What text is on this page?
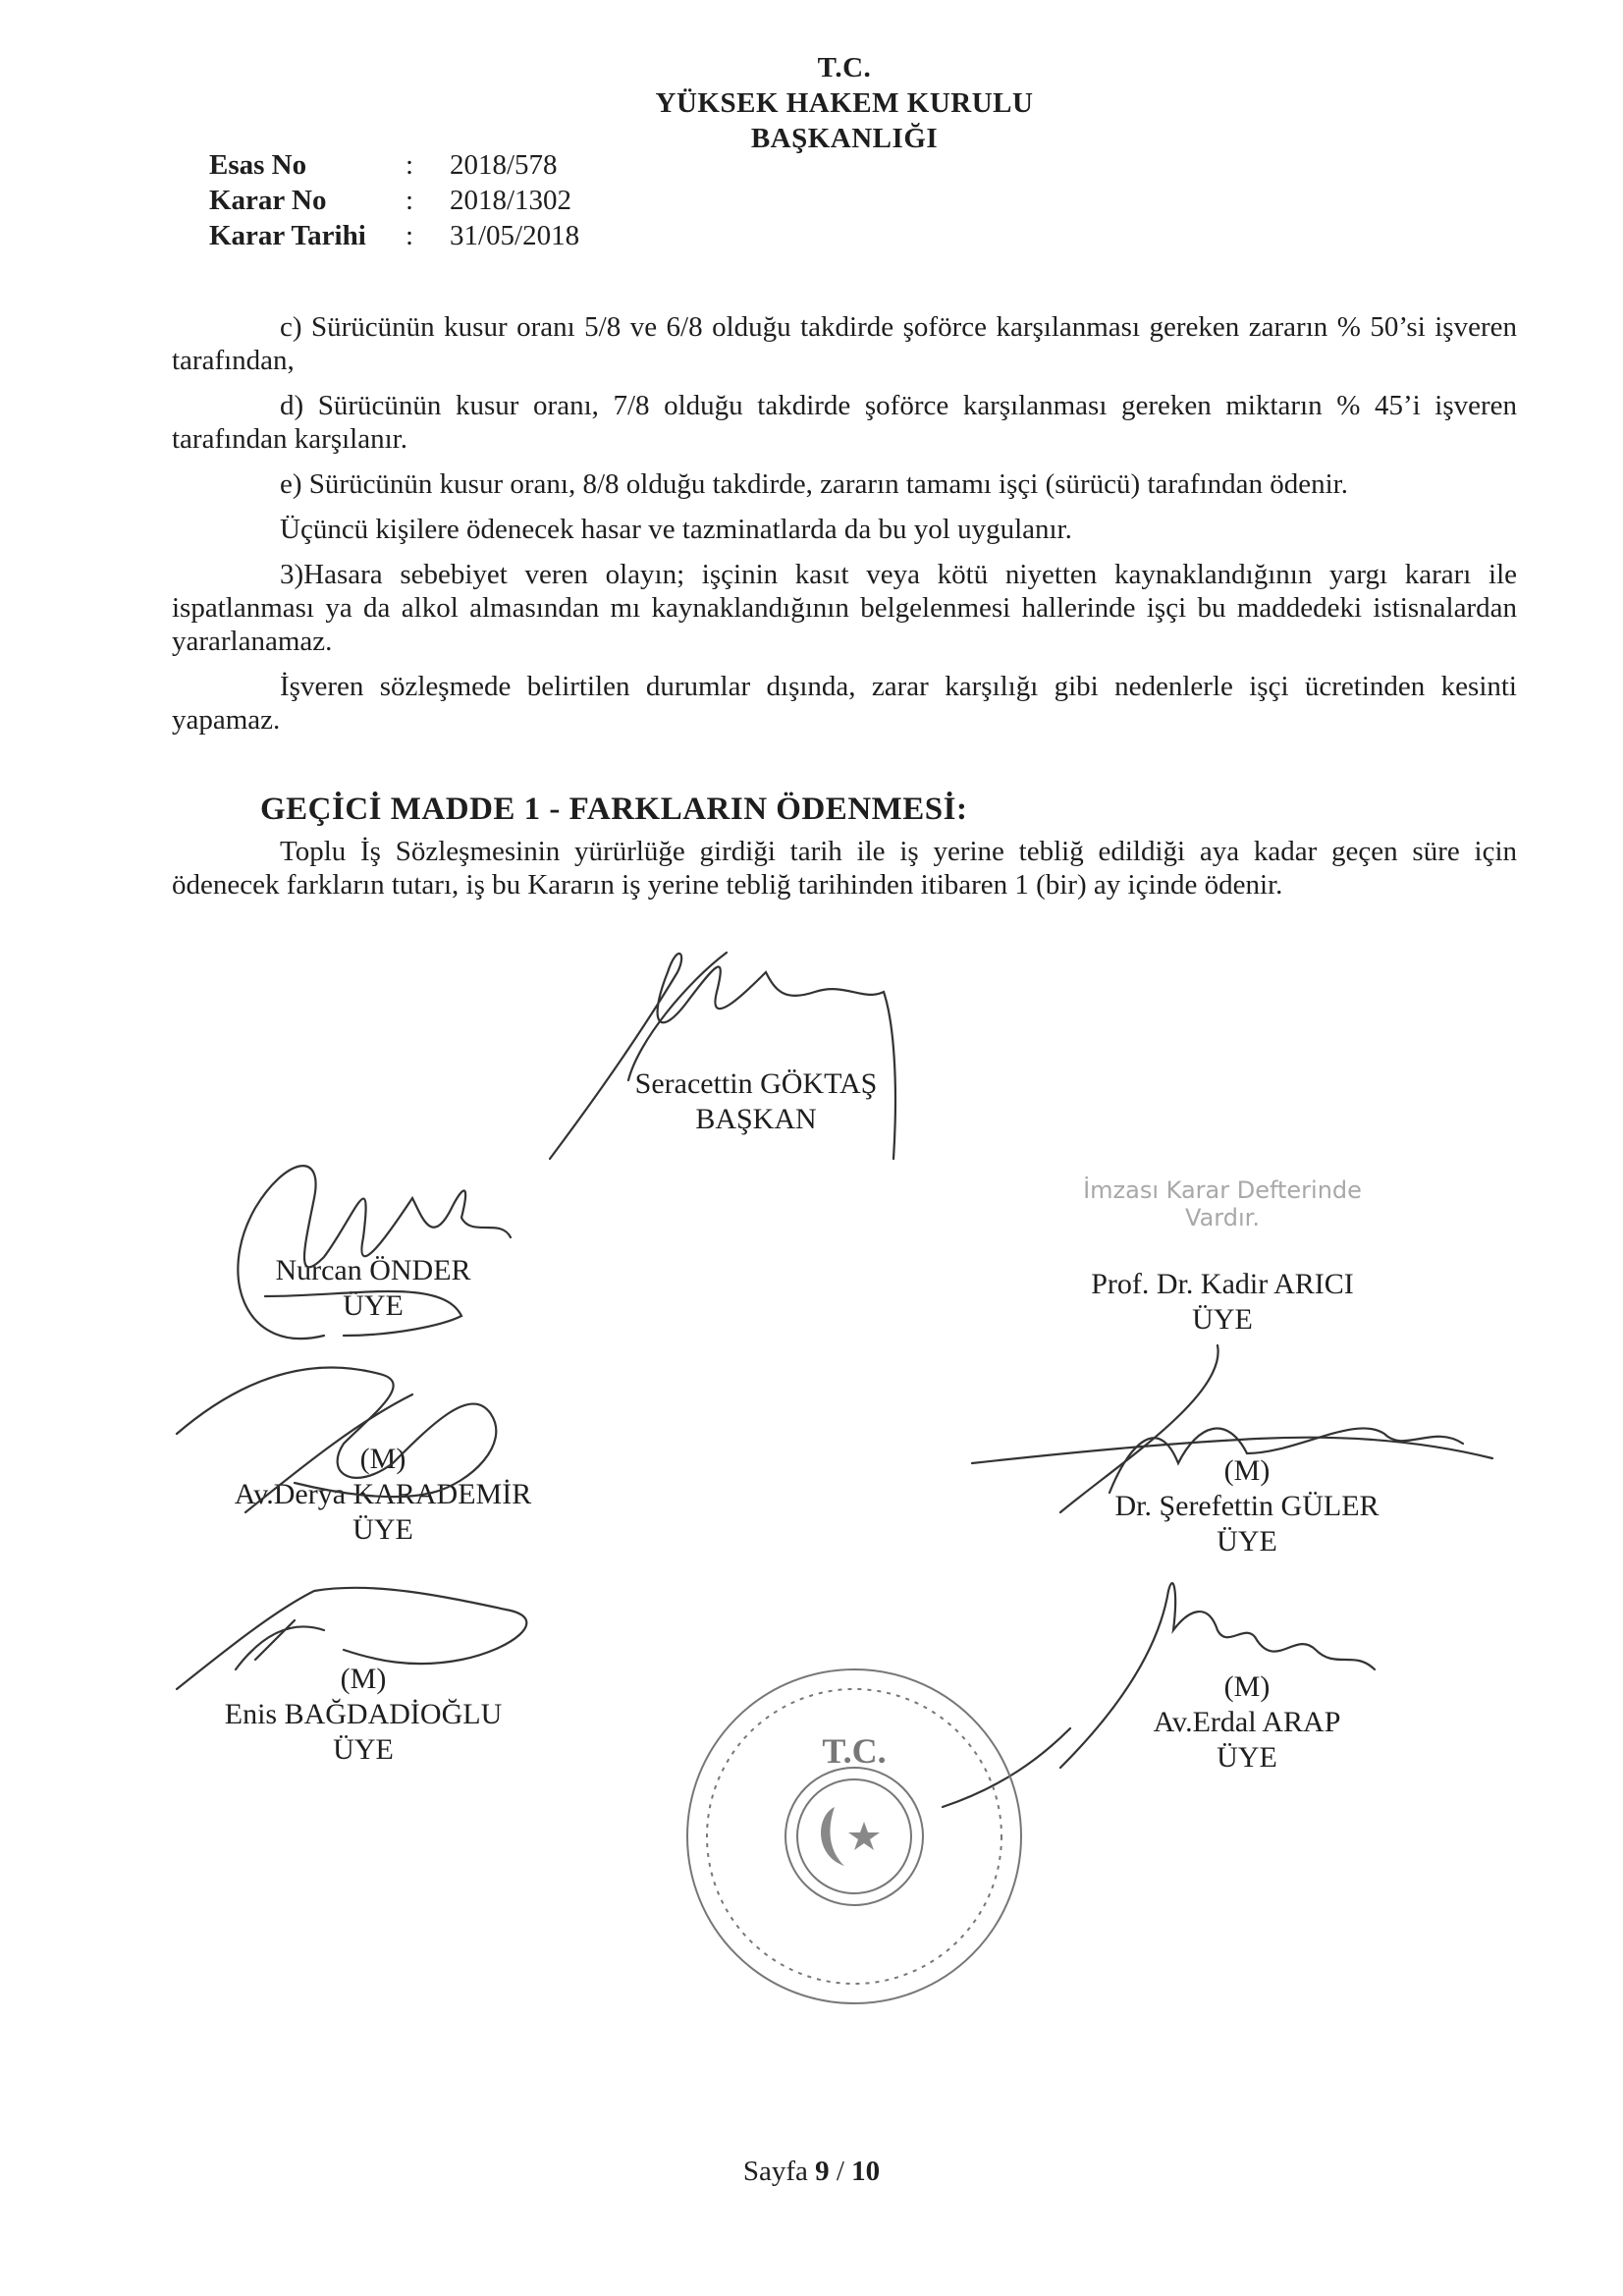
T.C.
YÜKSEK HAKEM KURULU
BAŞKANLIĞI
Esas No	:	2018/578
Karar No	:	2018/1302
Karar Tarihi	:	31/05/2018

c) Sürücünün kusur oranı 5/8 ve 6/8 olduğu takdirde şoförce karşılanması gereken zararın % 50’si işveren tarafından,

d) Sürücünün kusur oranı, 7/8 olduğu takdirde şoförce karşılanması gereken miktarın % 45’i işveren tarafından karşılanır.

e) Sürücünün kusur oranı, 8/8 olduğu takdirde, zararın tamamı işçi (sürücü) tarafından ödenir.

Üçüncü kişilere ödenecek hasar ve tazminatlarda da bu yol uygulanır.

3)Hasara sebebiyet veren olayın; işçinin kasıt veya kötü niyetten kaynaklandığının yargı kararı ile ispatlanması ya da alkol almasından mı kaynaklandığının belgelenmesi hallerinde işçi bu maddedeki istisnalardan yararlanamaz.

İşveren sözleşmede belirtilen durumlar dışında, zarar karşılığı gibi nedenlerle işçi ücretinden kesinti yapamaz.

GEÇİCİ MADDE 1 - FARKLARIN ÖDENMESİ:

Toplu İş Sözleşmesinin yürürlüğe girdiği tarih ile iş yerine tebliğ edildiği aya kadar geçen süre için ödenecek farkların tutarı, iş bu Kararın iş yerine tebliğ tarihinden itibaren 1 (bir) ay içinde ödenir.

Seracettin GÖKTAŞ
BAŞKAN
Nurcan ÖNDER
ÜYE
İmzası Karar Defterinde
Vardır.
Prof. Dr. Kadir ARICI
ÜYE
(M)
Av.Derya KARADEMİR
ÜYE
(M)
Dr. Şerefettin GÜLER
ÜYE
(M)
Enis BAĞDADİOĞLU
ÜYE
(M)
Av.Erdal ARAP
ÜYE
T.C.
Sayfa 9 / 10
